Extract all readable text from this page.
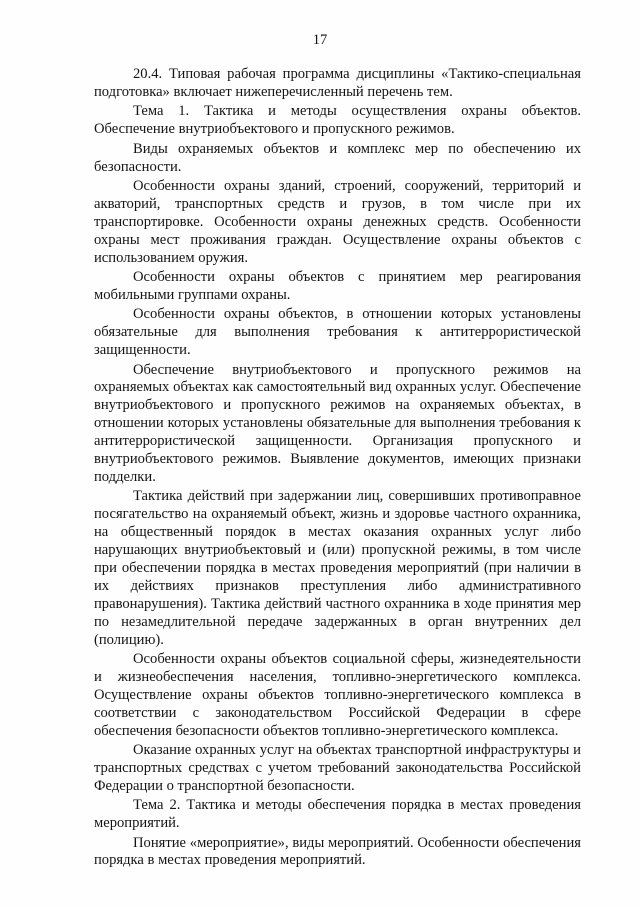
17

20.4. Типовая рабочая программа дисциплины «Тактико-специальная подготовка» включает нижеперечисленный перечень тем.

Тема 1. Тактика и методы осуществления охраны объектов. Обеспечение внутриобъектового и пропускного режимов.

Виды охраняемых объектов и комплекс мер по обеспечению их безопасности.

Особенности охраны зданий, строений, сооружений, территорий и акваторий, транспортных средств и грузов, в том числе при их транспортировке. Особенности охраны денежных средств. Особенности охраны мест проживания граждан. Осуществление охраны объектов с использованием оружия.

Особенности охраны объектов с принятием мер реагирования мобильными группами охраны.

Особенности охраны объектов, в отношении которых установлены обязательные для выполнения требования к антитеррористической защищенности.

Обеспечение внутриобъектового и пропускного режимов на охраняемых объектах как самостоятельный вид охранных услуг. Обеспечение внутриобъектового и пропускного режимов на охраняемых объектах, в отношении которых установлены обязательные для выполнения требования к антитеррористической защищенности. Организация пропускного и внутриобъектового режимов. Выявление документов, имеющих признаки подделки.

Тактика действий при задержании лиц, совершивших противоправное посягательство на охраняемый объект, жизнь и здоровье частного охранника, на общественный порядок в местах оказания охранных услуг либо нарушающих внутриобъектовый и (или) пропускной режимы, в том числе при обеспечении порядка в местах проведения мероприятий (при наличии в их действиях признаков преступления либо административного правонарушения). Тактика действий частного охранника в ходе принятия мер по незамедлительной передаче задержанных в орган внутренних дел (полицию).

Особенности охраны объектов социальной сферы, жизнедеятельности и жизнеобеспечения населения, топливно-энергетического комплекса. Осуществление охраны объектов топливно-энергетического комплекса в соответствии с законодательством Российской Федерации в сфере обеспечения безопасности объектов топливно-энергетического комплекса.

Оказание охранных услуг на объектах транспортной инфраструктуры и транспортных средствах с учетом требований законодательства Российской Федерации о транспортной безопасности.

Тема 2. Тактика и методы обеспечения порядка в местах проведения мероприятий.

Понятие «мероприятие», виды мероприятий. Особенности обеспечения порядка в местах проведения мероприятий.
